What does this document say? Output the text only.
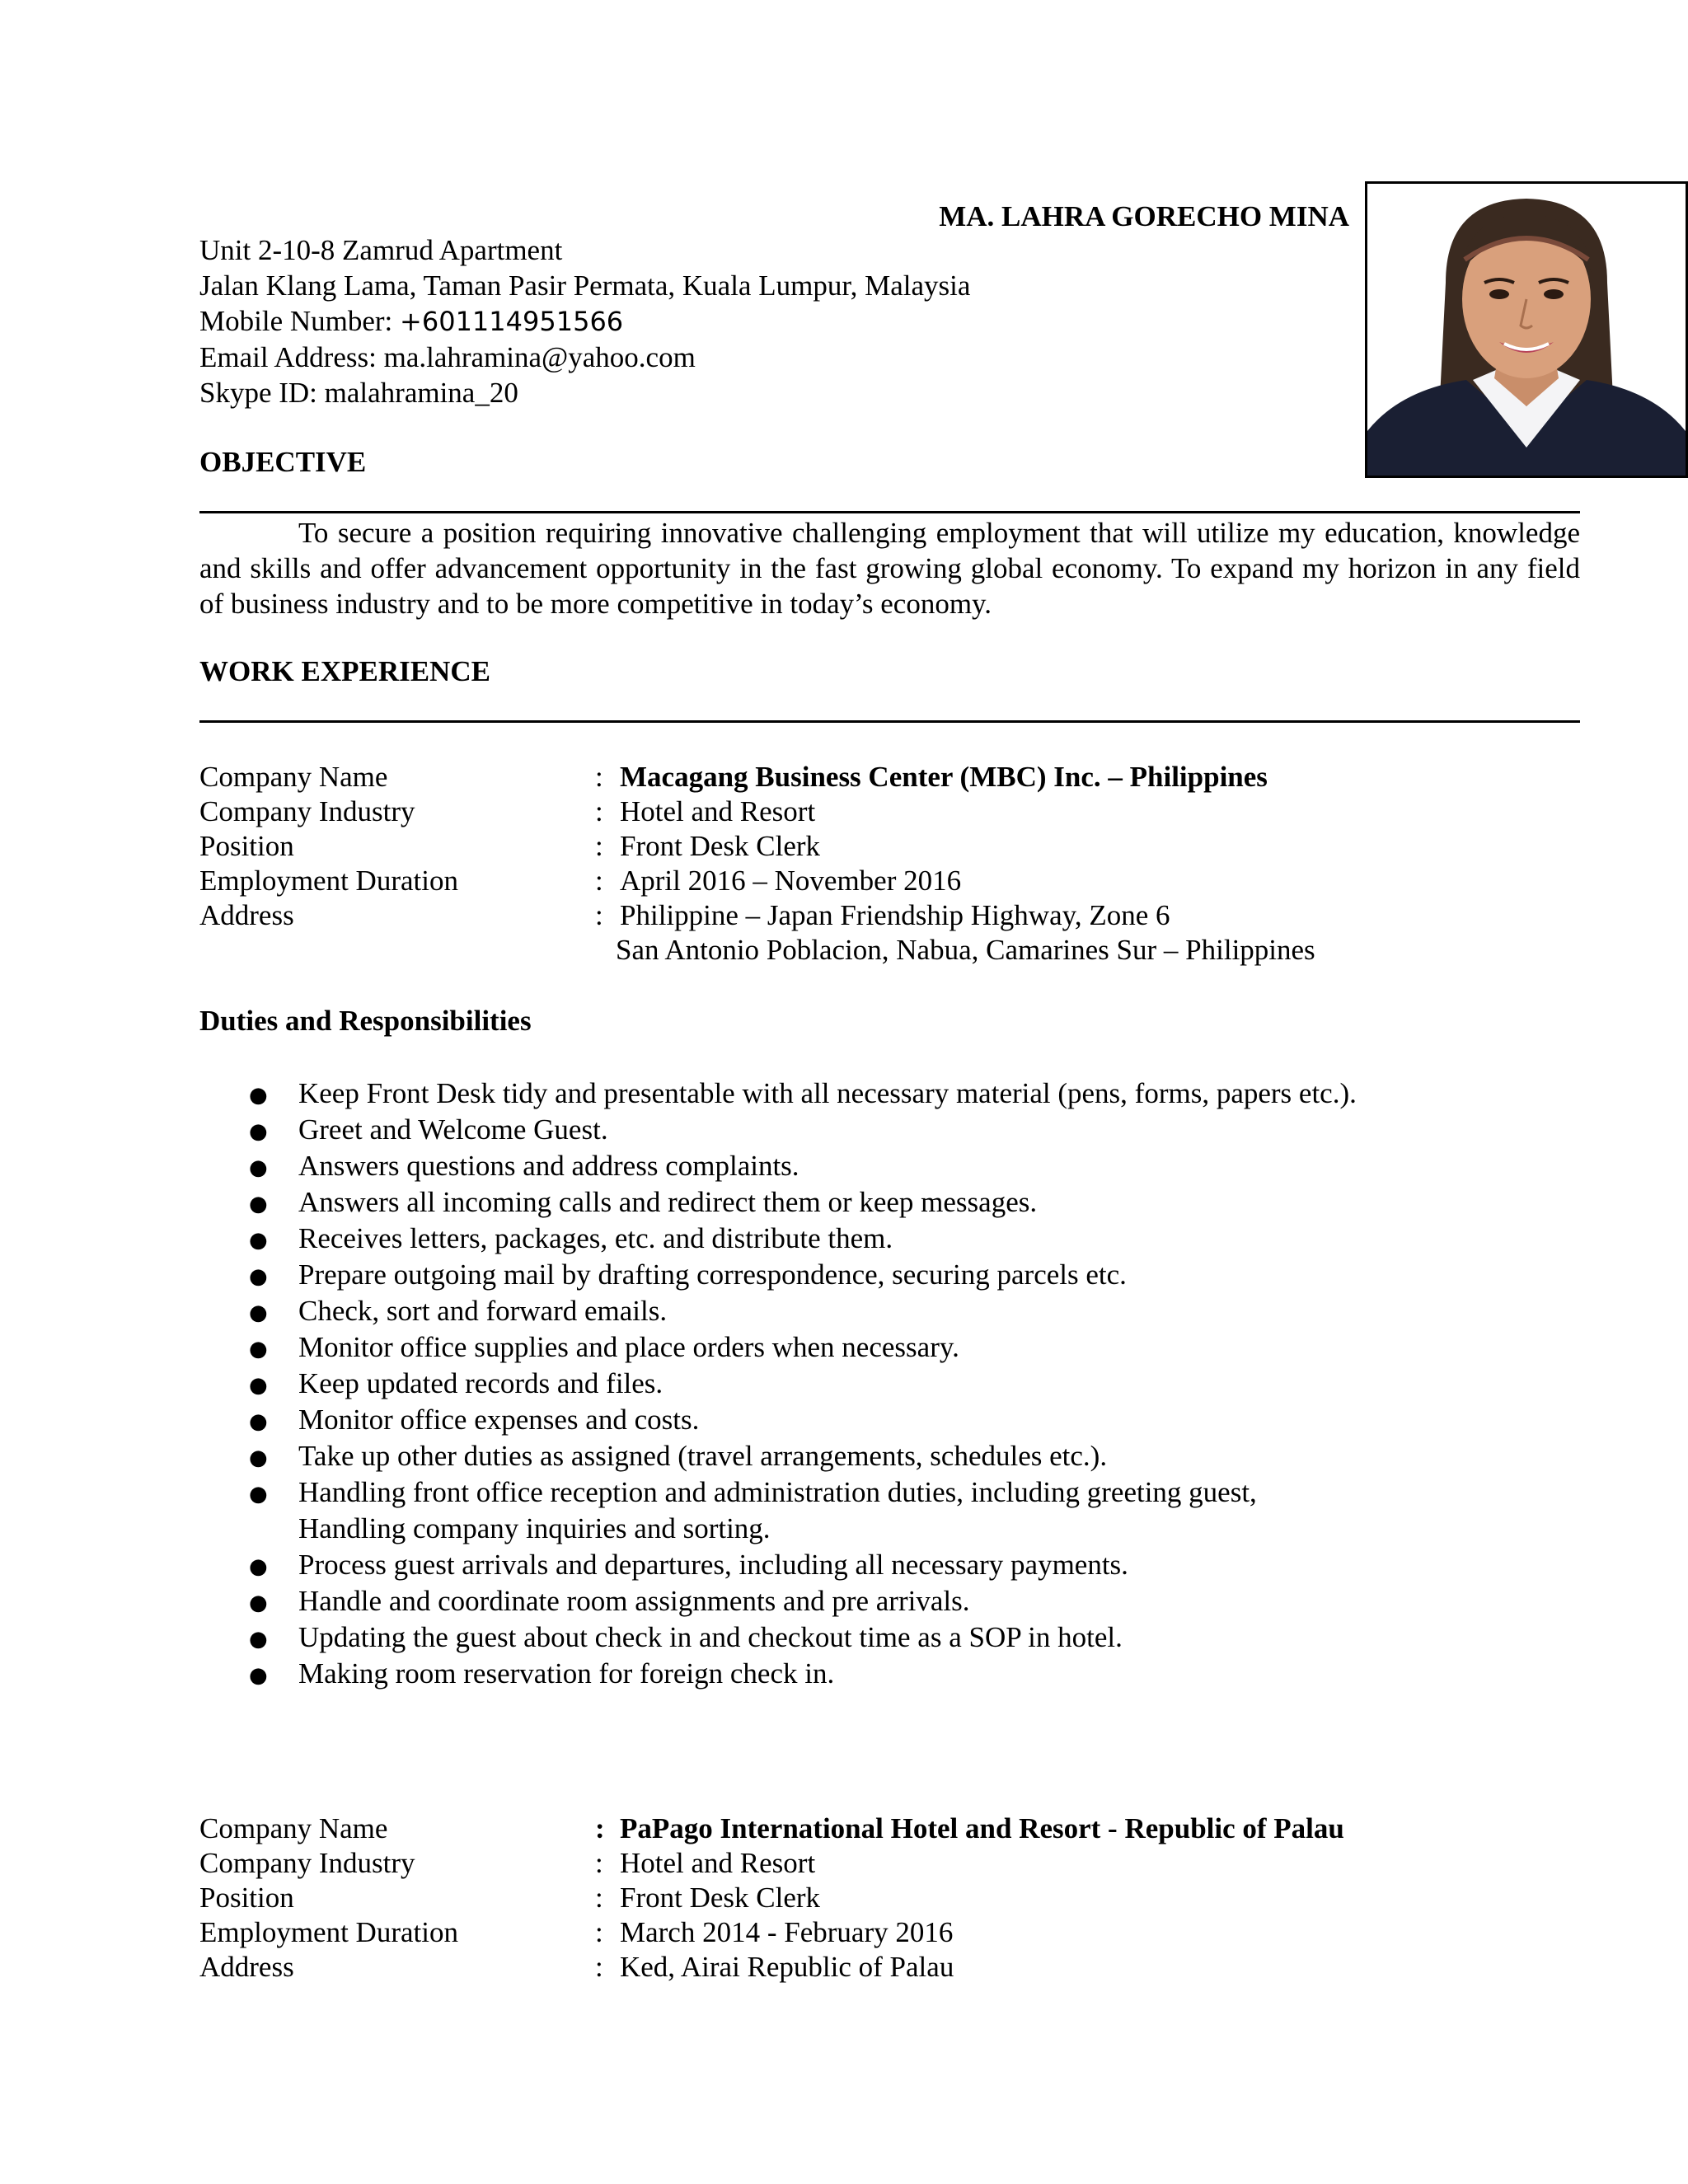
MA. LAHRA GORECHO MINA
Unit 2-10-8 Zamrud Apartment
Jalan Klang Lama, Taman Pasir Permata, Kuala Lumpur, Malaysia
Mobile Number: +601114951566
Email Address: ma.lahramina@yahoo.com
Skype ID: malahramina_20
OBJECTIVE
To secure a position requiring innovative challenging employment that will utilize my education, knowledge and skills and offer advancement opportunity in the fast growing global economy. To expand my horizon in any field of business industry and to be more competitive in today’s economy.
WORK EXPERIENCE
Company Name	: Macagang Business Center (MBC) Inc. – Philippines
Company Industry	: Hotel and Resort
Position	: Front Desk Clerk
Employment Duration	: April 2016 – November 2016
Address	: Philippine – Japan Friendship Highway, Zone 6
San Antonio Poblacion, Nabua, Camarines Sur – Philippines
Duties and Responsibilities
● Keep Front Desk tidy and presentable with all necessary material (pens, forms, papers etc.).
● Greet and Welcome Guest.
● Answers questions and address complaints.
● Answers all incoming calls and redirect them or keep messages.
● Receives letters, packages, etc. and distribute them.
● Prepare outgoing mail by drafting correspondence, securing parcels etc.
● Check, sort and forward emails.
● Monitor office supplies and place orders when necessary.
● Keep updated records and files.
● Monitor office expenses and costs.
● Take up other duties as assigned (travel arrangements, schedules etc.).
● Handling front office reception and administration duties, including greeting guest,
Handling company inquiries and sorting.
● Process guest arrivals and departures, including all necessary payments.
● Handle and coordinate room assignments and pre arrivals.
● Updating the guest about check in and checkout time as a SOP in hotel.
● Making room reservation for foreign check in.
Company Name	: PaPago International Hotel and Resort - Republic of Palau
Company Industry	: Hotel and Resort
Position	: Front Desk Clerk
Employment Duration	: March 2014 - February 2016
Address	: Ked, Airai Republic of Palau
